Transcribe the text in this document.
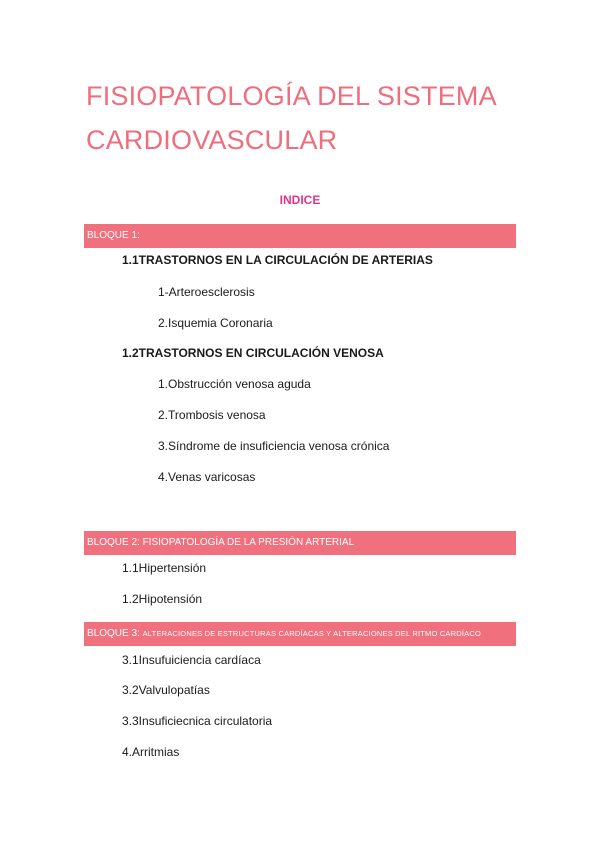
FISIOPATOLOGÍA DEL SISTEMA
CARDIOVASCULAR

INDICE

BLOQUE 1:
1.1TRASTORNOS EN LA CIRCULACIÓN DE ARTERIAS
1-Arteroesclerosis
2.Isquemia Coronaria
1.2TRASTORNOS EN CIRCULACIÓN VENOSA
1.Obstrucción venosa aguda
2.Trombosis venosa
3.Síndrome de insuficiencia venosa crónica
4.Venas varicosas
BLOQUE 2: FISIOPATOLOGÍA DE LA PRESIÓN ARTERIAL
1.1Hipertensión
1.2Hipotensión
BLOQUE 3: ALTERACIONES DE ESTRUCTURAS CARDÍACAS Y ALTERACIONES DEL RITMO CARDÍACO
3.1Insufuiciencia cardíaca
3.2Valvulopatías
3.3Insuficiecnica circulatoria
4.Arritmias
